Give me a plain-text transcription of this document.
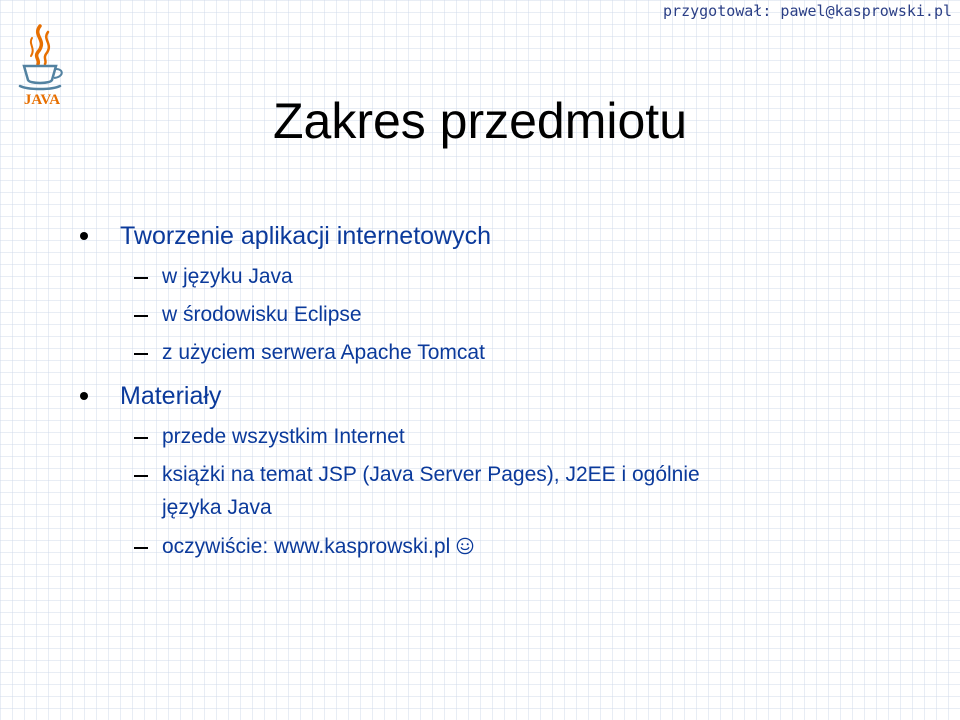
przygotował: pawel@kasprowski.pl
JAVA	Zakres przedmiotu
Tworzenie aplikacji internetowych
w języku Java
w środowisku Eclipse
z użyciem serwera Apache Tomcat
Materiały
przede wszystkim Internet
książki na temat JSP (Java Server Pages), J2EE i ogólnie
języka Java
oczywiście: www.kasprowski.pl
